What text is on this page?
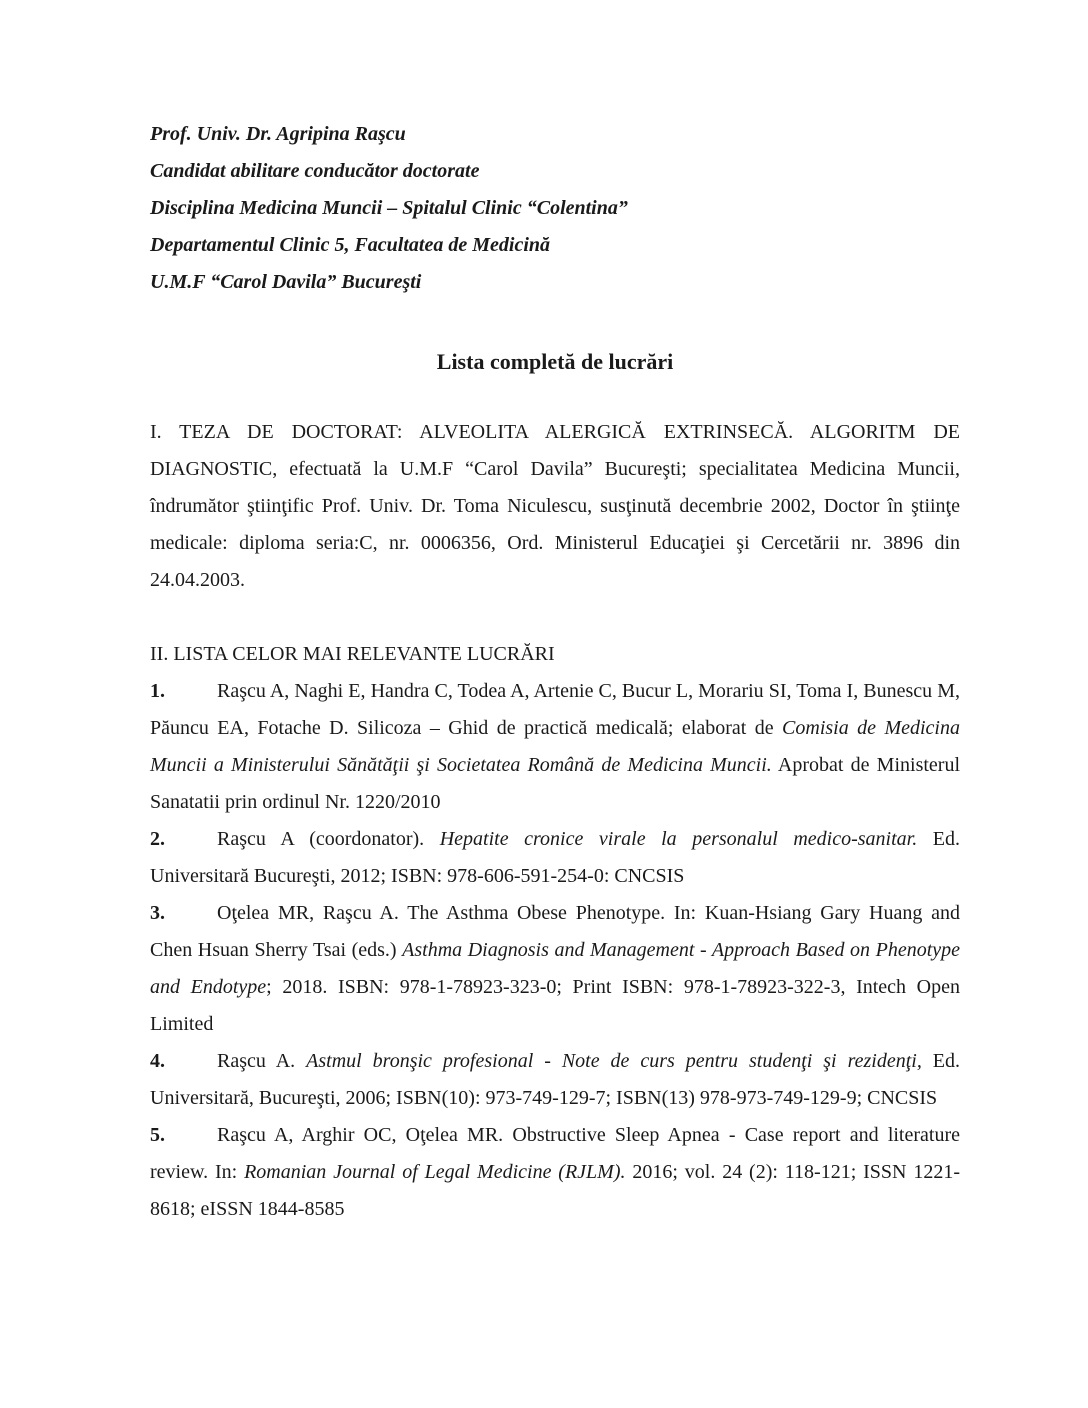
Prof. Univ. Dr. Agripina Raşcu

Candidat abilitare conducător doctorate

Disciplina Medicina Muncii – Spitalul Clinic “Colentina”

Departamentul Clinic 5, Facultatea de Medicină

U.M.F “Carol Davila” Bucureşti

Lista completă de lucrări

I. TEZA DE DOCTORAT: ALVEOLITA ALERGICĂ EXTRINSECĂ. ALGORITM DE DIAGNOSTIC, efectuată la U.M.F “Carol Davila” Bucureşti; specialitatea Medicina Muncii, îndrumător ştiinţific Prof. Univ. Dr. Toma Niculescu, susţinută decembrie 2002, Doctor în ştiinţe medicale: diploma seria:C, nr. 0006356, Ord. Ministerul Educaţiei şi Cercetării nr. 3896 din 24.04.2003.

II. LISTA CELOR MAI RELEVANTE LUCRĂRI

1.	Raşcu A, Naghi E, Handra C, Todea A, Artenie C, Bucur L, Morariu SI, Toma I, Bunescu M, Păuncu EA, Fotache D. Silicoza – Ghid de practică medicală; elaborat de Comisia de Medicina Muncii a Ministerului Sănătăţii şi Societatea Română de Medicina Muncii. Aprobat de Ministerul Sanatatii prin ordinul Nr. 1220/2010

2.	Raşcu A (coordonator). Hepatite cronice virale la personalul medico-sanitar. Ed. Universitară Bucureşti, 2012; ISBN: 978-606-591-254-0: CNCSIS

3.	Oţelea MR, Raşcu A. The Asthma Obese Phenotype. In: Kuan-Hsiang Gary Huang and Chen Hsuan Sherry Tsai (eds.) Asthma Diagnosis and Management - Approach Based on Phenotype and Endotype; 2018. ISBN: 978-1-78923-323-0; Print ISBN: 978-1-78923-322-3, Intech Open Limited

4.	Raşcu A. Astmul bronşic profesional - Note de curs pentru studenţi şi rezidenţi, Ed. Universitară, Bucureşti, 2006; ISBN(10): 973-749-129-7; ISBN(13) 978-973-749-129-9; CNCSIS

5.	Raşcu A, Arghir OC, Oţelea MR. Obstructive Sleep Apnea - Case report and literature review. In: Romanian Journal of Legal Medicine (RJLM). 2016; vol. 24 (2): 118-121; ISSN 1221-8618; eISSN 1844-8585
